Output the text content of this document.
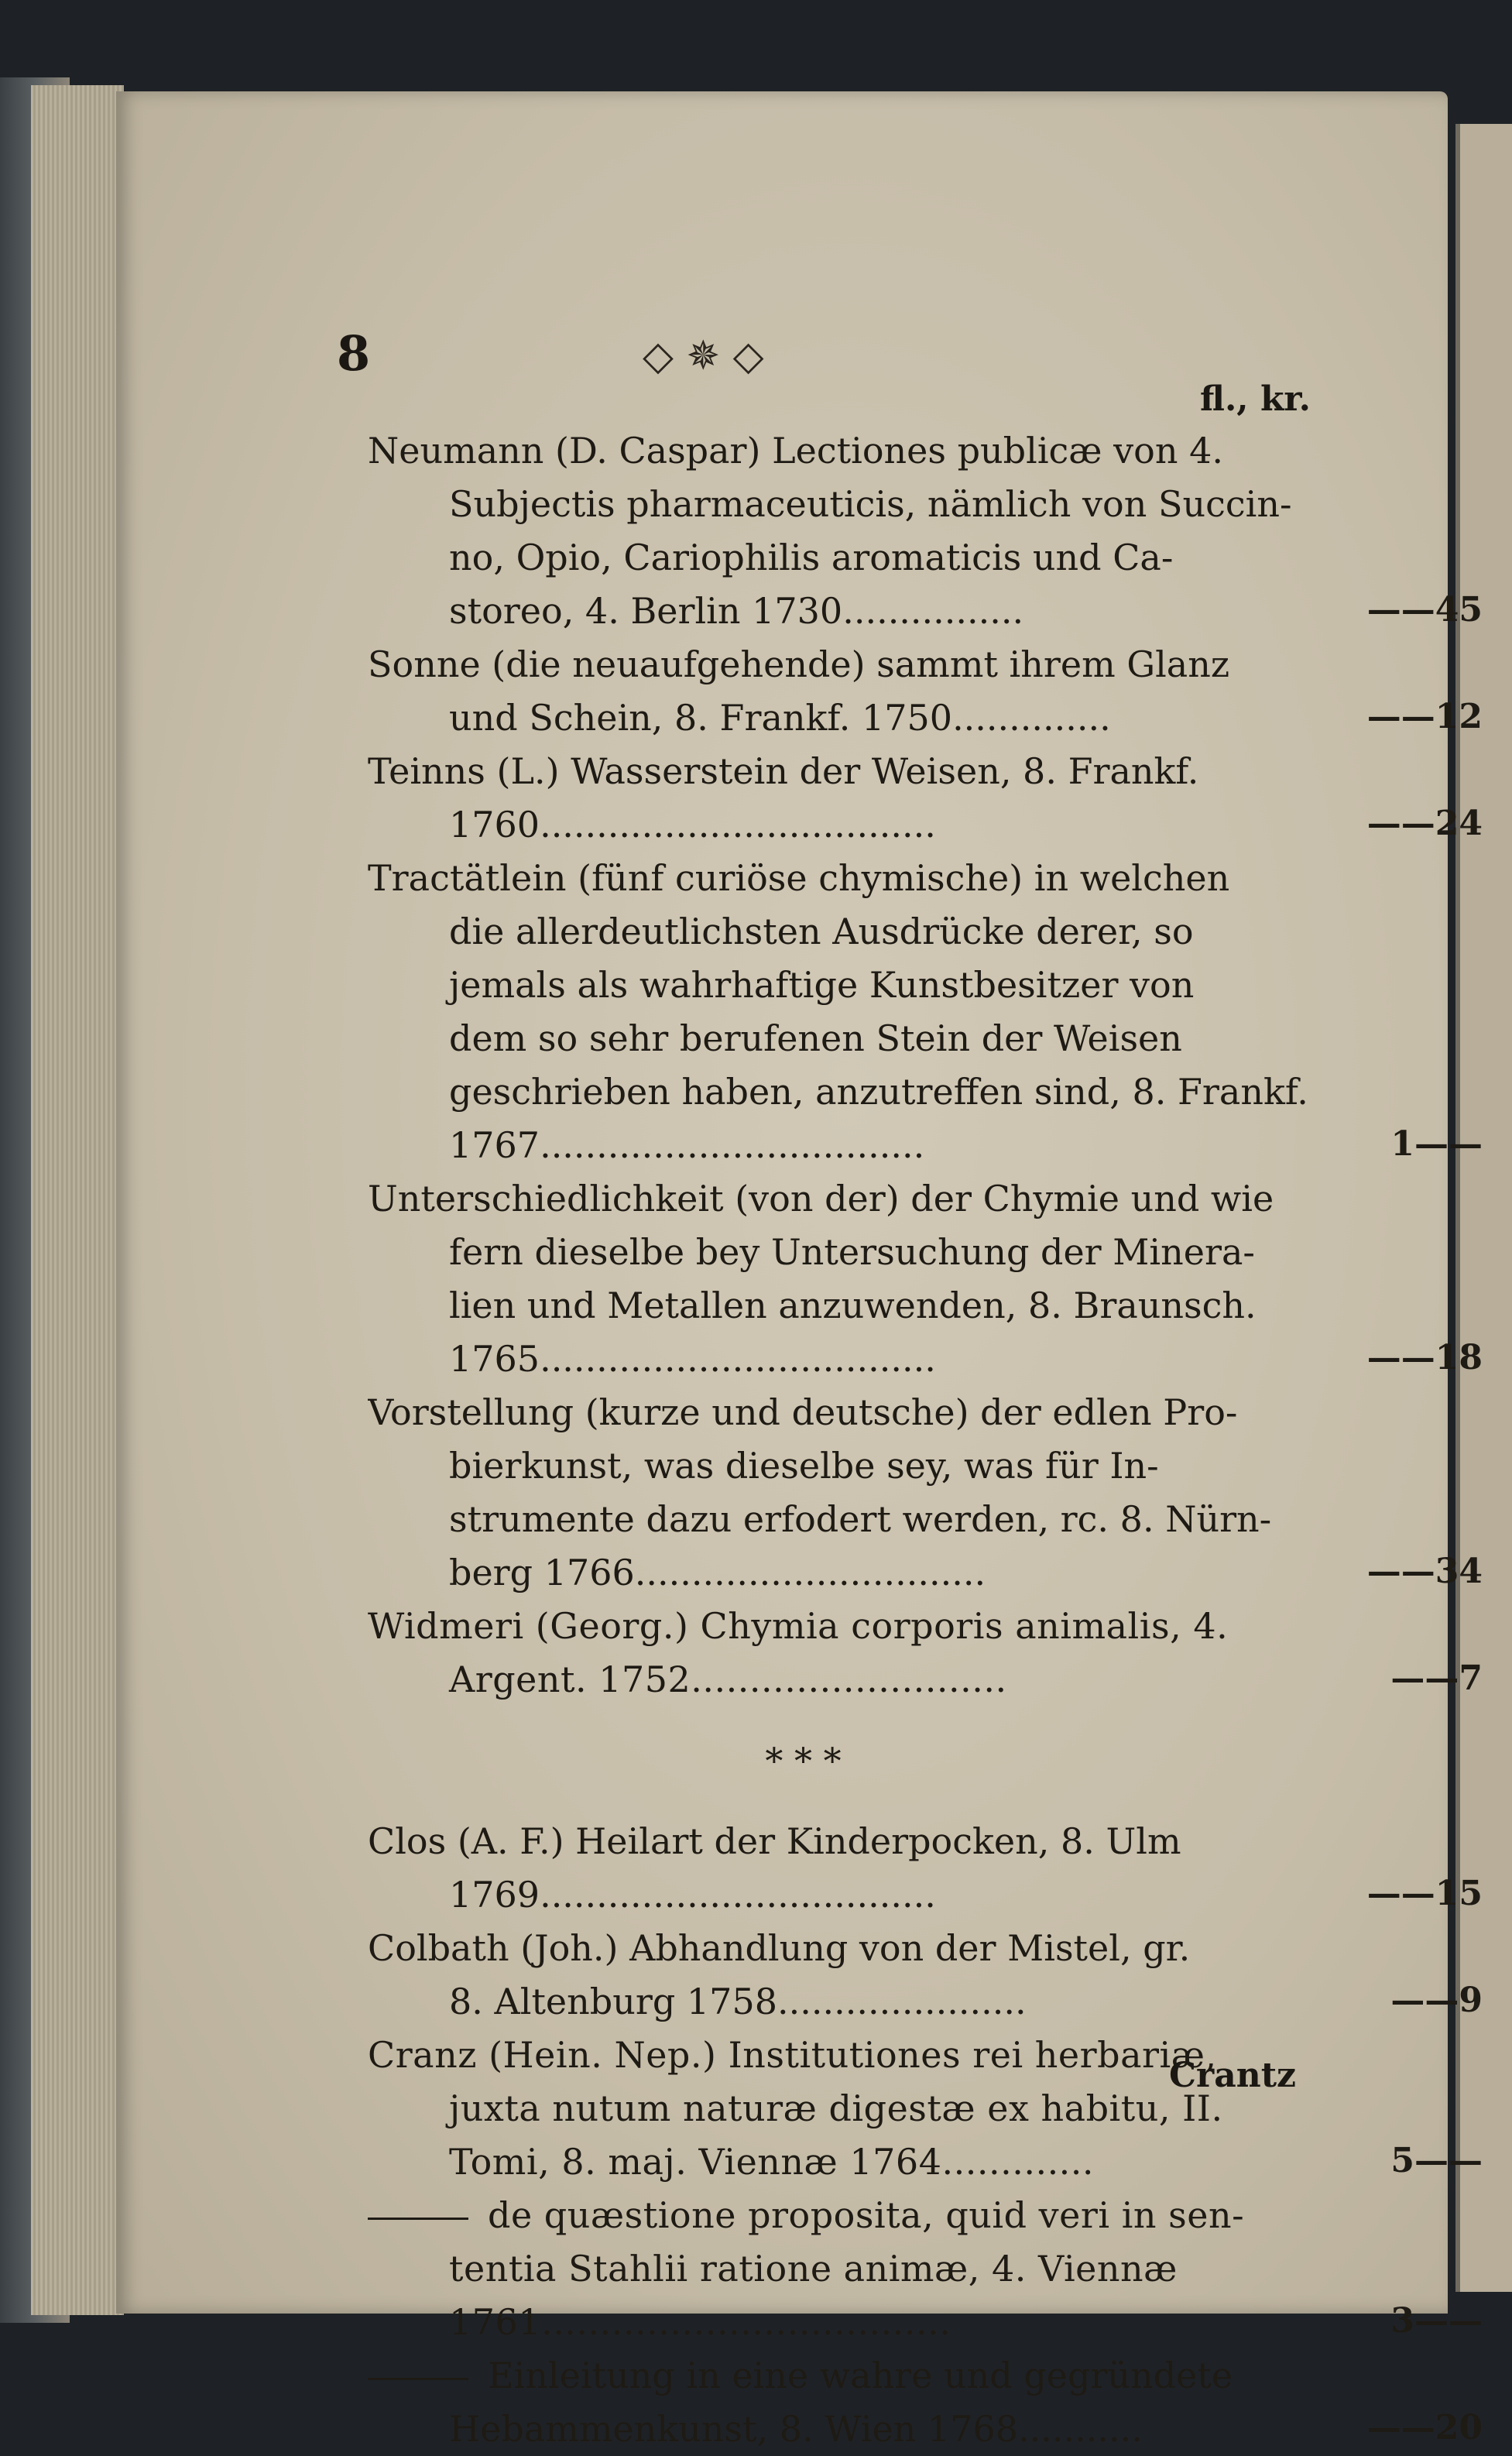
8	◇ ✵ ◇
fl., kr.
Neumann (D. Caspar) Lectiones publicæ von 4.
Subjectis pharmaceuticis, nämlich von Succin-
no, Opio, Cariophilis aromaticis und Ca-
storeo, 4. Berlin 1730................	——45
Sonne (die neuaufgehende) sammt ihrem Glanz
und Schein, 8. Frankf. 1750..............	——12
Teinns (L.) Wasserstein der Weisen, 8. Frankf.
1760...................................	——24
Tractätlein (fünf curiöse chymische) in welchen
die allerdeutlichsten Ausdrücke derer, so
jemals als wahrhaftige Kunstbesitzer von
dem so sehr berufenen Stein der Weisen
geschrieben haben, anzutreffen sind, 8. Frankf.
1767..................................	1——
Unterschiedlichkeit (von der) der Chymie und wie
fern dieselbe bey Untersuchung der Minera-
lien und Metallen anzuwenden, 8. Braunsch.
1765...................................	——18
Vorstellung (kurze und deutsche) der edlen Pro-
bierkunst, was dieselbe sey, was für In-
strumente dazu erfodert werden, rc. 8. Nürn-
berg 1766...............................	——34
Widmeri (Georg.) Chymia corporis animalis, 4.
Argent. 1752...........................	——7
* * *
Clos (A. F.) Heilart der Kinderpocken, 8. Ulm
1769...................................	——15
Colbath (Joh.) Abhandlung von der Mistel, gr.
8. Altenburg 1758......................	——9
Cranz (Hein. Nep.) Institutiones rei herbariæ,
juxta nutum naturæ digestæ ex habitu, II.
Tomi, 8. maj. Viennæ 1764.............	5——
de quæstione proposita, quid veri in sen-
tentia Stahlii ratione animæ, 4. Viennæ
1761...................................	3——
Einleitung in eine wahre und gegründete
Hebammenkunst, 8. Wien 1768...........	——20
Crantz
